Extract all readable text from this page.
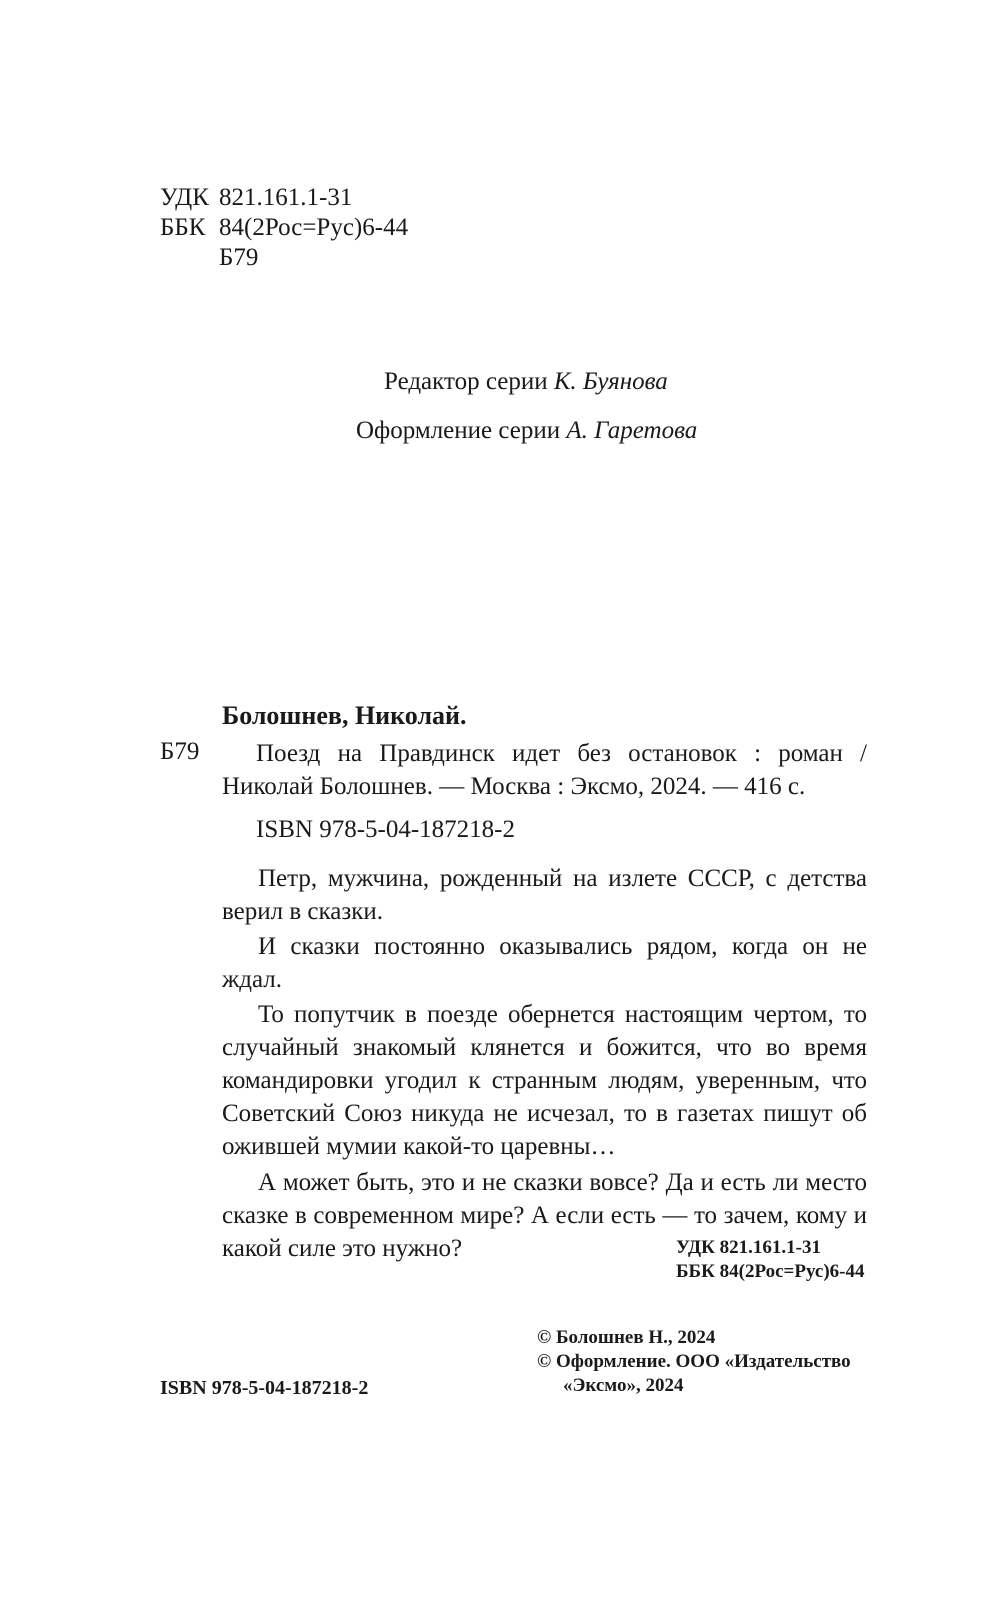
УДК 821.161.1-31
ББК 84(2Рос=Рус)6-44
Б79
Редактор серии К. Буянова
Оформление серии А. Гаретова
Болошнев, Николай.
Б79	Поезд на Правдинск идет без остановок : роман /
Николай Болошнев. — Москва : Эксмо, 2024. — 416 с.
ISBN 978-5-04-187218-2

Петр, мужчина, рожденный на излете СССР, с детства верил в сказки.

И сказки постоянно оказывались рядом, когда он не ждал.

То попутчик в поезде обернется настоящим чертом, то случайный знакомый клянется и божится, что во время командировки угодил к странным людям, уверенным, что Советский Союз никуда не исчезал, то в газетах пишут об ожившей мумии какой-то царевны…

А может быть, это и не сказки вовсе? Да и есть ли место сказке в современном мире? А если есть — то зачем, кому и какой силе это нужно?	УДК 821.161.1-31
ББК 84(2Рос=Рус)6-44
ISBN 978-5-04-187218-2
© Болошнев Н., 2024
© Оформление. ООО «Издательство
«Эксмо», 2024
